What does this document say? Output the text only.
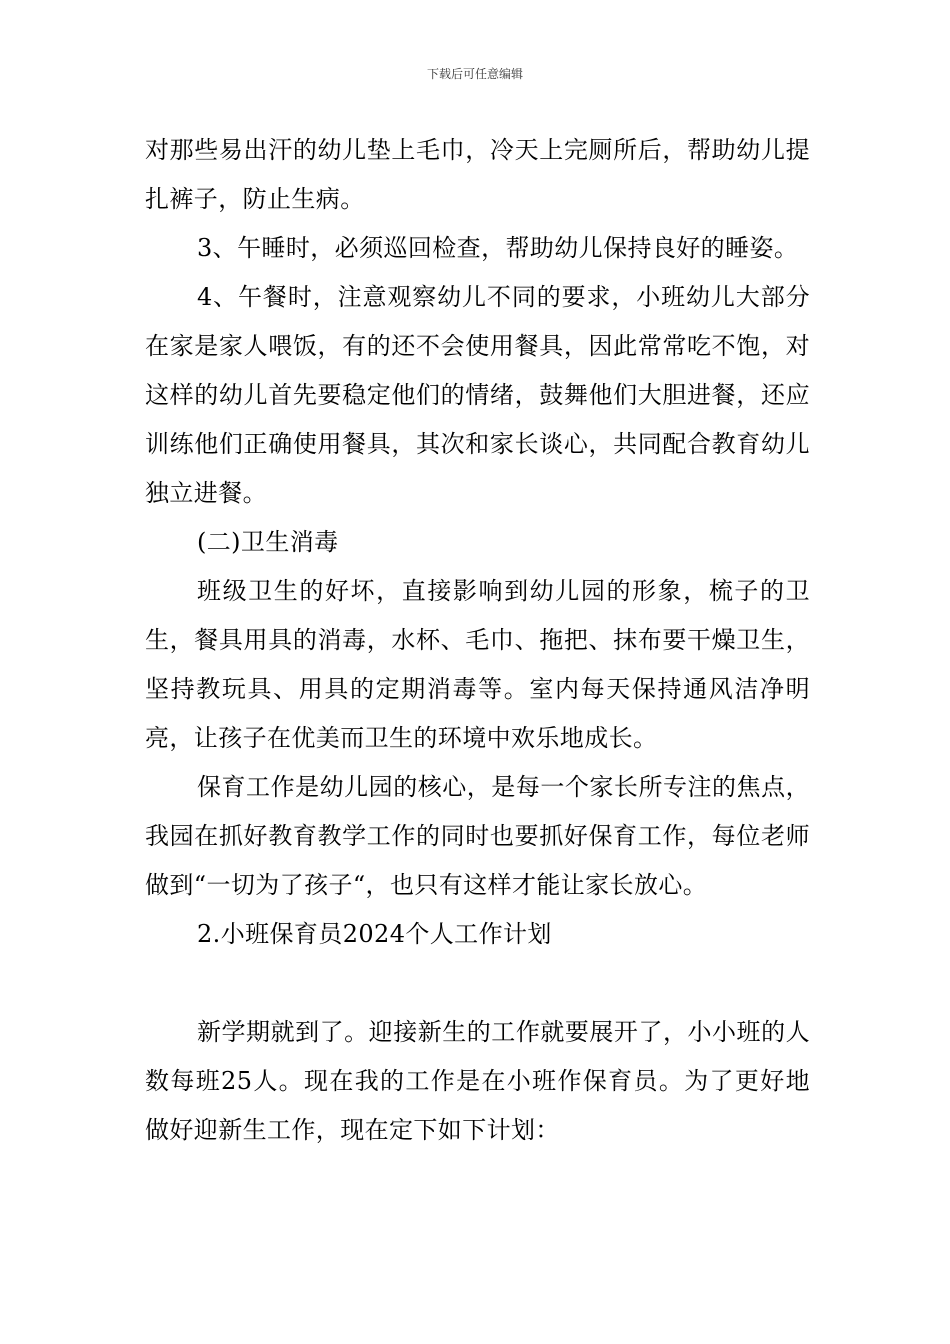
下载后可任意编辑

对那些易出汗的幼儿垫上毛巾，冷天上完厕所后，帮助幼儿提扎裤子，防止生病。

3、午睡时，必须巡回检查，帮助幼儿保持良好的睡姿。

4、午餐时，注意观察幼儿不同的要求，小班幼儿大部分在家是家人喂饭，有的还不会使用餐具，因此常常吃不饱，对这样的幼儿首先要稳定他们的情绪，鼓舞他们大胆进餐，还应训练他们正确使用餐具，其次和家长谈心，共同配合教育幼儿独立进餐。

(二)卫生消毒

班级卫生的好坏，直接影响到幼儿园的形象，梳子的卫生，餐具用具的消毒，水杯、毛巾、拖把、抹布要干燥卫生，坚持教玩具、用具的定期消毒等。室内每天保持通风洁净明亮，让孩子在优美而卫生的环境中欢乐地成长。

保育工作是幼儿园的核心，是每一个家长所专注的焦点，我园在抓好教育教学工作的同时也要抓好保育工作，每位老师做到“一切为了孩子“，也只有这样才能让家长放心。

2.小班保育员2024个人工作计划

新学期就到了。迎接新生的工作就要展开了，小小班的人数每班25人。现在我的工作是在小班作保育员。为了更好地做好迎新生工作，现在定下如下计划：
